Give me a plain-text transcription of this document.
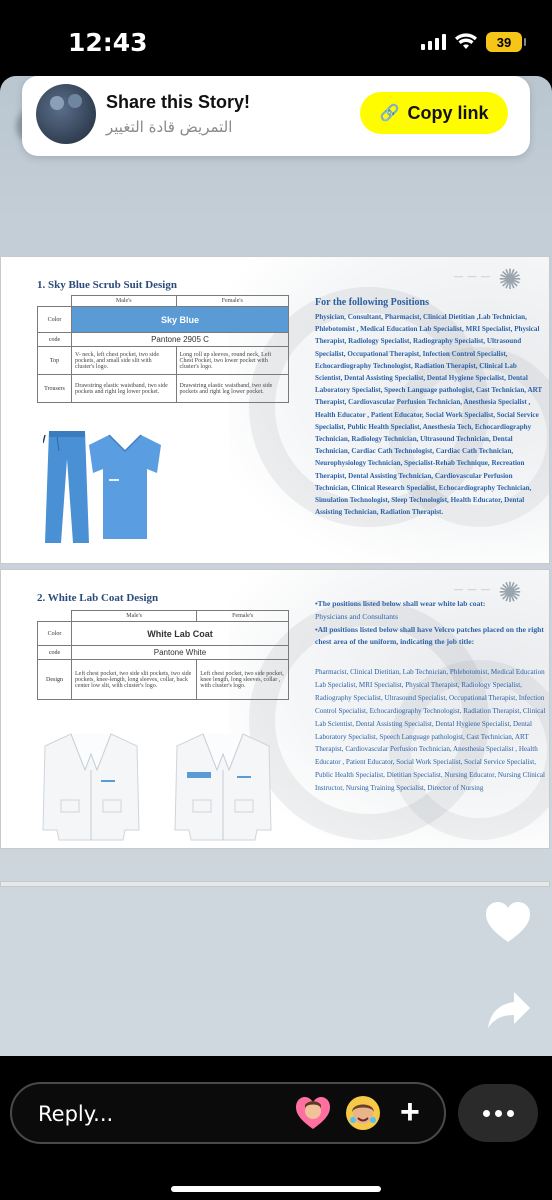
12:43	39
Share this Story!
التمريض قادة التغيير
🔗 Copy link
✺
— — —
1. Sky Blue Scrub Suit Design
	Male's	Female's
Color	Sky Blue	
code	Pantone 2905 C	
Top	V- neck, left chest pocket, two side pockets, and small side slit with cluster's logo.	Long roll up sleeves, round neck, Left Chest Pocket, two lower pocket with cluster's logo.
Trousers	Drawstring elastic waistband, two side pockets and right leg lower pocket.	Drawstring elastic waistband, two side pockets and right leg lower pocket.
For the following Positions
Physician, Consultant, Pharmacist, Clinical Dietitian ,Lab Technician, Phlebotomist , Medical Education Lab Specialist, MRI Specialist, Physical Therapist, Radiology Specialist, Radiography Specialist, Ultrasound Specialist, Occupational Therapist, Infection Control Specialist, Echocardiography Technologist, Radiation Therapist, Clinical Lab Scientist, Dental Assisting Specialist, Dental Hygiene Specialist, Dental Laboratory Specialist, Speech Language pathologist, Cast Technician, ART Therapist, Cardiovascular Perfusion Technician, Anesthesia Specialist , Health Educator , Patient Educator, Social Work Specialist, Social Service Specialist, Public Health Specialist, Anesthesia Tech, Echocardiography Technician, Radiology Technician, Ultrasound Technician, Dental Technician, Cardiac Cath Technologist, Cardiac Cath Technician, Neurophysiology Technician, Specialist-Rehab Technique, Recreation Therapist, Dental Assisting Technician, Cardiovascular Perfusion Technician, Clinical Research Specialist, Echocardiography Technician, Simulation Technologist, Sleep Technologist, Health Educator, Dental Assisting Technician, Radiation Therapist.
✺
— — —
2. White Lab Coat Design
	Male's	Female's
Color	White Lab Coat	
code	Pantone White	
Design	Left chest pocket, two side slit pockets, two side pockets, knee-length, long sleeves, collar, back center low slit, with cluster's logo.	Left chest pocket, two side pocket, knee length, long sleeves, collar , with cluster's logo.
•The positions listed below shall wear white lab coat:
Physicians and Consultants
•All positions listed below shall have Velcro patches placed on the right chest area of the uniform, indicating the job title:
Pharmacist, Clinical Dietitian, Lab Technician, Phlebotomist, Medical Education Lab Specialist, MRI Specialist, Physical Therapist, Radiology Specialist, Radiography Specialist, Ultrasound Specialist, Occupational Therapist, Infection Control Specialist, Echocardiography Technologist, Radiation Therapist, Clinical Lab Scientist, Dental Assisting Specialist, Dental Hygiene Specialist, Dental Laboratory Specialist, Speech Language pathologist, Cast Technician, ART Therapist, Cardiovascular Perfusion Technician, Anesthesia Specialist , Health Educator , Patient Educator, Social Work Specialist, Social Service Specialist, Public Health Specialist, Dietitian Specialist, Nursing Educator, Nursing Clinical Instructor, Nursing Training Specialist, Director of Nursing
Reply...	+
